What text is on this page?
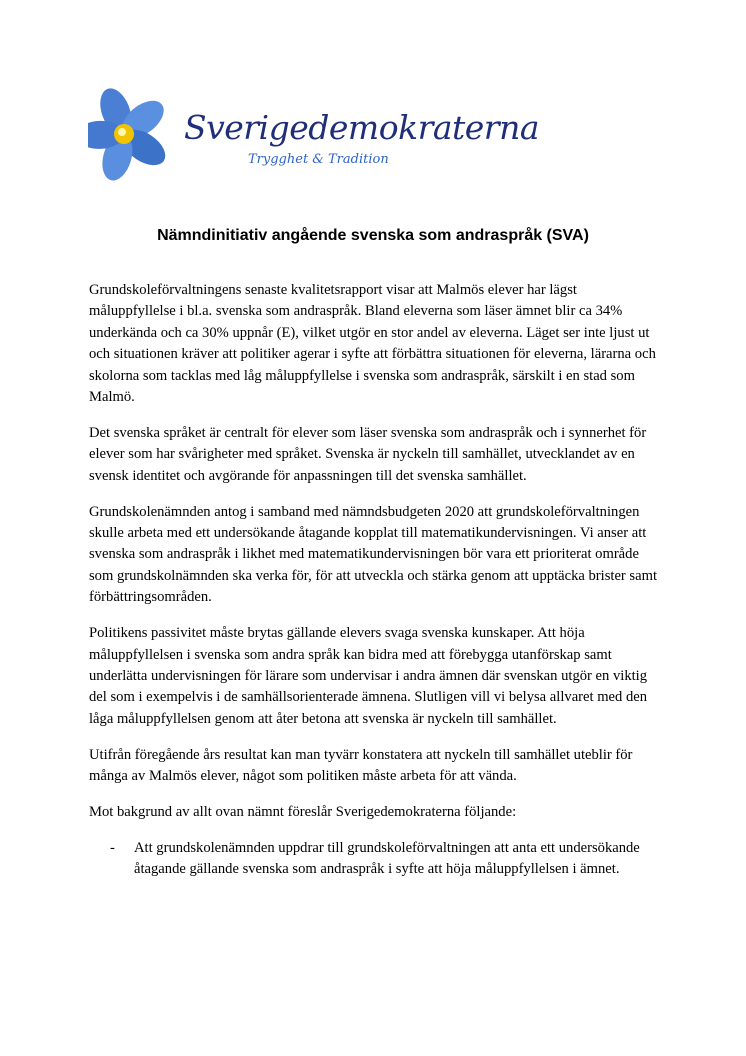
Sverigedemokraterna
Trygghet & Tradition
Nämndinitiativ angående svenska som andraspråk (SVA)

Grundskoleförvaltningens senaste kvalitetsrapport visar att Malmös elever har lägst måluppfyllelse i bl.a. svenska som andraspråk. Bland eleverna som läser ämnet blir ca 34% underkända och ca 30% uppnår (E), vilket utgör en stor andel av eleverna. Läget ser inte ljust ut och situationen kräver att politiker agerar i syfte att förbättra situationen för eleverna, lärarna och skolorna som tacklas med låg måluppfyllelse i svenska som andraspråk, särskilt i en stad som Malmö.

Det svenska språket är centralt för elever som läser svenska som andraspråk och i synnerhet för elever som har svårigheter med språket. Svenska är nyckeln till samhället, utvecklandet av en svensk identitet och avgörande för anpassningen till det svenska samhället.

Grundskolenämnden antog i samband med nämndsbudgeten 2020 att grundskoleförvaltningen skulle arbeta med ett undersökande åtagande kopplat till matematikundervisningen. Vi anser att svenska som andraspråk i likhet med matematikundervisningen bör vara ett prioriterat område som grundskolnämnden ska verka för, för att utveckla och stärka genom att upptäcka brister samt förbättringsområden.

Politikens passivitet måste brytas gällande elevers svaga svenska kunskaper. Att höja måluppfyllelsen i svenska som andra språk kan bidra med att förebygga utanförskap samt underlätta undervisningen för lärare som undervisar i andra ämnen där svenskan utgör en viktig del som i exempelvis i de samhällsorienterade ämnena. Slutligen vill vi belysa allvaret med den låga måluppfyllelsen genom att åter betona att svenska är nyckeln till samhället.

Utifrån föregående års resultat kan man tyvärr konstatera att nyckeln till samhället uteblir för många av Malmös elever, något som politiken måste arbeta för att vända.

Mot bakgrund av allt ovan nämnt föreslår Sverigedemokraterna följande:

-	Att grundskolenämnden uppdrar till grundskoleförvaltningen att anta ett undersökande åtagande gällande svenska som andraspråk i syfte att höja måluppfyllelsen i ämnet.
